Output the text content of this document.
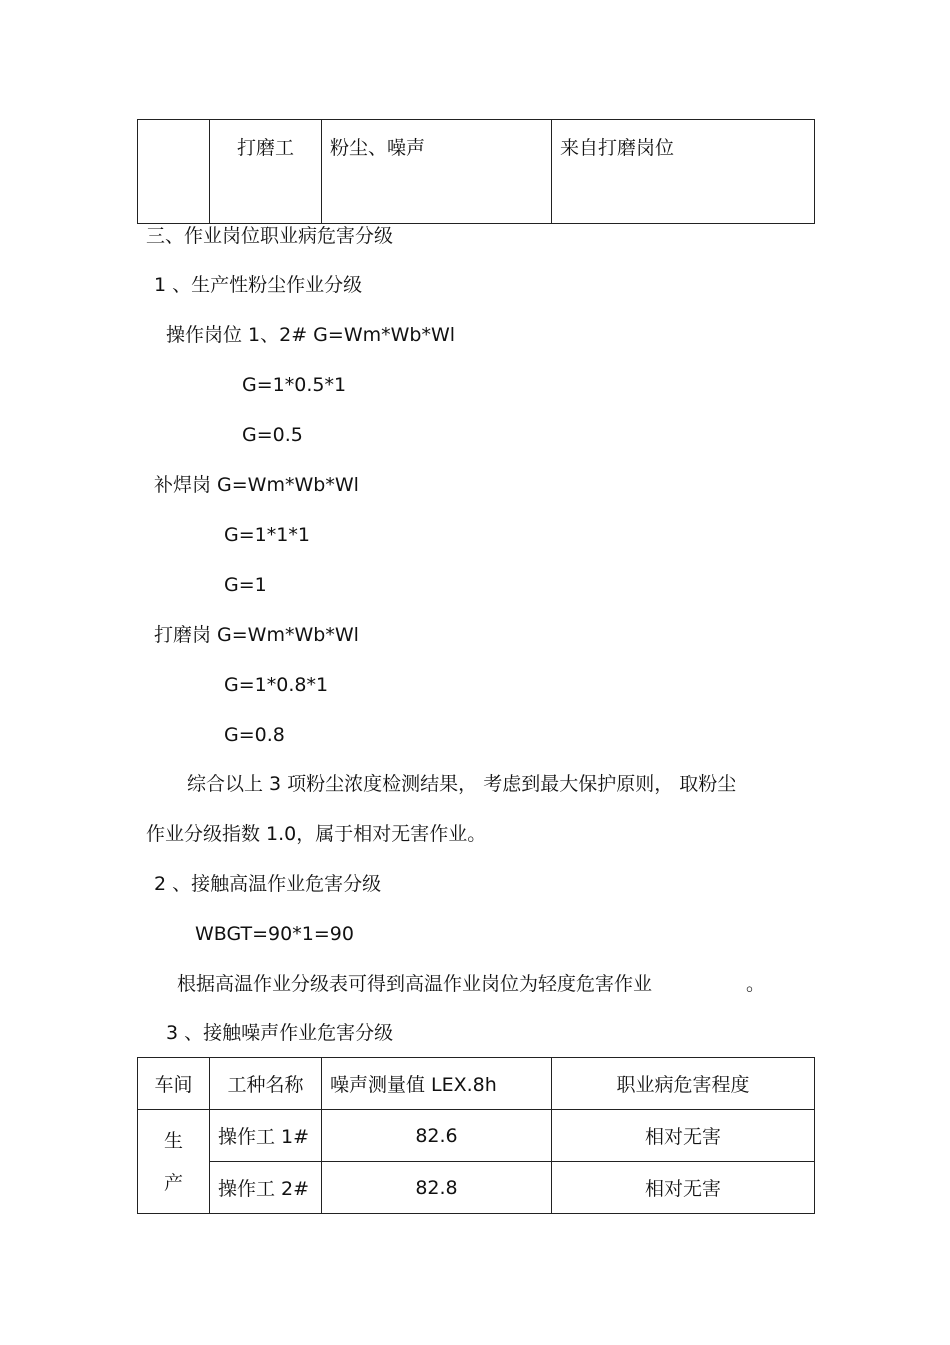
	打磨工	粉尘、噪声	来自打磨岗位
三、作业岗位职业病危害分级
1 、生产性粉尘作业分级
操作岗位 1、2# G=Wm*Wb*Wl
G=1*0.5*1
G=0.5
补焊岗 G=Wm*Wb*Wl
G=1*1*1
G=1
打磨岗 G=Wm*Wb*Wl
G=1*0.8*1
G=0.8
综合以上 3 项粉尘浓度检测结果， 考虑到最大保护原则， 取粉尘
作业分级指数 1.0，属于相对无害作业。
2 、接触高温作业危害分级
WBGT=90*1=90
根据高温作业分级表可得到高温作业岗位为轻度危害作业	。
3 、接触噪声作业危害分级
车间	工种名称	噪声测量值 LEX.8h	职业病危害程度

生
产	操作工 1#	82.6	相对无害
	操作工 2#	82.8	相对无害
